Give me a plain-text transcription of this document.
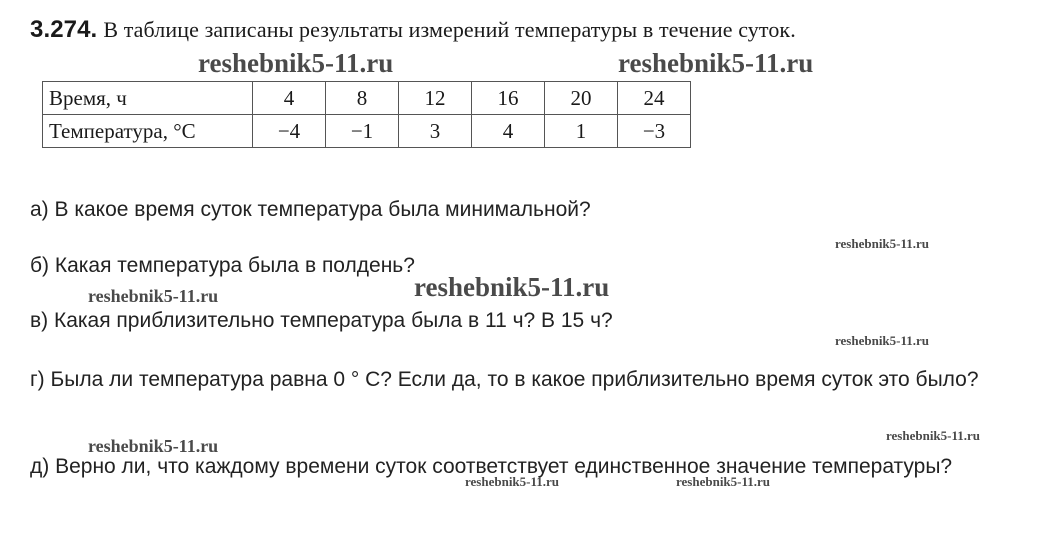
3.274. В таблице записаны результаты измерений температуры в течение суток.
reshebnik5-11.ru	reshebnik5-11.ru
Время, ч	4	8	12	16	20	24
Температура, °С	−4	−1	3	4	1	−3
а) В какое время суток температура была минимальной?
reshebnik5-11.ru
б) Какая температура была в полдень?
reshebnik5-11.ru	reshebnik5-11.ru
в) Какая приблизительно температура была в 11 ч? В 15 ч?
reshebnik5-11.ru
г) Была ли температура равна 0 ° С? Если да, то в какое приблизительно время суток это было?
reshebnik5-11.ru
reshebnik5-11.ru
д) Верно ли, что каждому времени суток соответствует единственное значение температуры?
reshebnik5-11.ru	reshebnik5-11.ru
